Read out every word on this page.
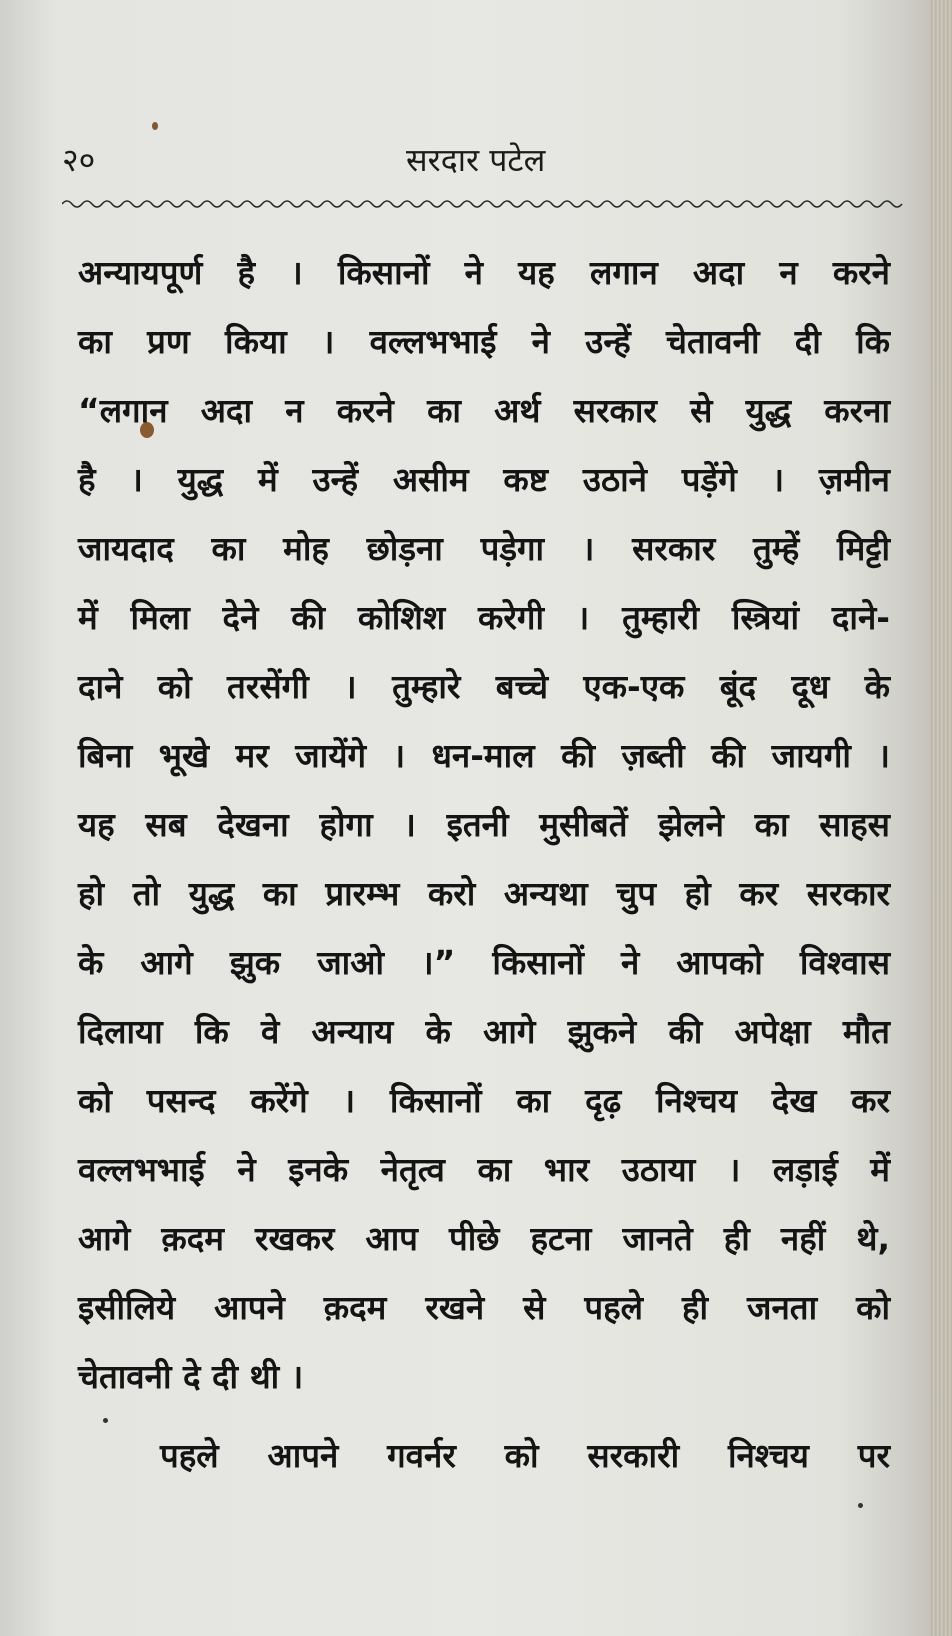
२०	सरदार पटेल
अन्यायपूर्ण है । किसानों ने यह लगान अदा न करने
का प्रण किया । वल्लभभाई ने उन्हें चेतावनी दी कि
“लगान अदा न करने का अर्थ सरकार से युद्ध करना
है । युद्ध में उन्हें असीम कष्ट उठाने पड़ेंगे । ज़मीन
जायदाद का मोह छोड़ना पड़ेगा । सरकार तुम्हें मिट्टी
में मिला देने की कोशिश करेगी । तुम्हारी स्त्रियां दाने-
दाने को तरसेंगी । तुम्हारे बच्चे एक-एक बूंद दूध के
बिना भूखे मर जायेंगे । धन-माल की ज़ब्ती की जायगी ।
यह सब देखना होगा । इतनी मुसीबतें झेलने का साहस
हो तो युद्ध का प्रारम्भ करो अन्यथा चुप हो कर सरकार
के आगे झुक जाओ ।” किसानों ने आपको विश्वास
दिलाया कि वे अन्याय के आगे झुकने की अपेक्षा मौत
को पसन्द करेंगे । किसानों का दृढ़ निश्चय देख कर
वल्लभभाई ने इनके नेतृत्व का भार उठाया । लड़ाई में
आगे क़दम रखकर आप पीछे हटना जानते ही नहीं थे,
इसीलिये आपने क़दम रखने से पहले ही जनता को
चेतावनी दे दी थी ।
पहले आपने गवर्नर को सरकारी निश्चय पर
